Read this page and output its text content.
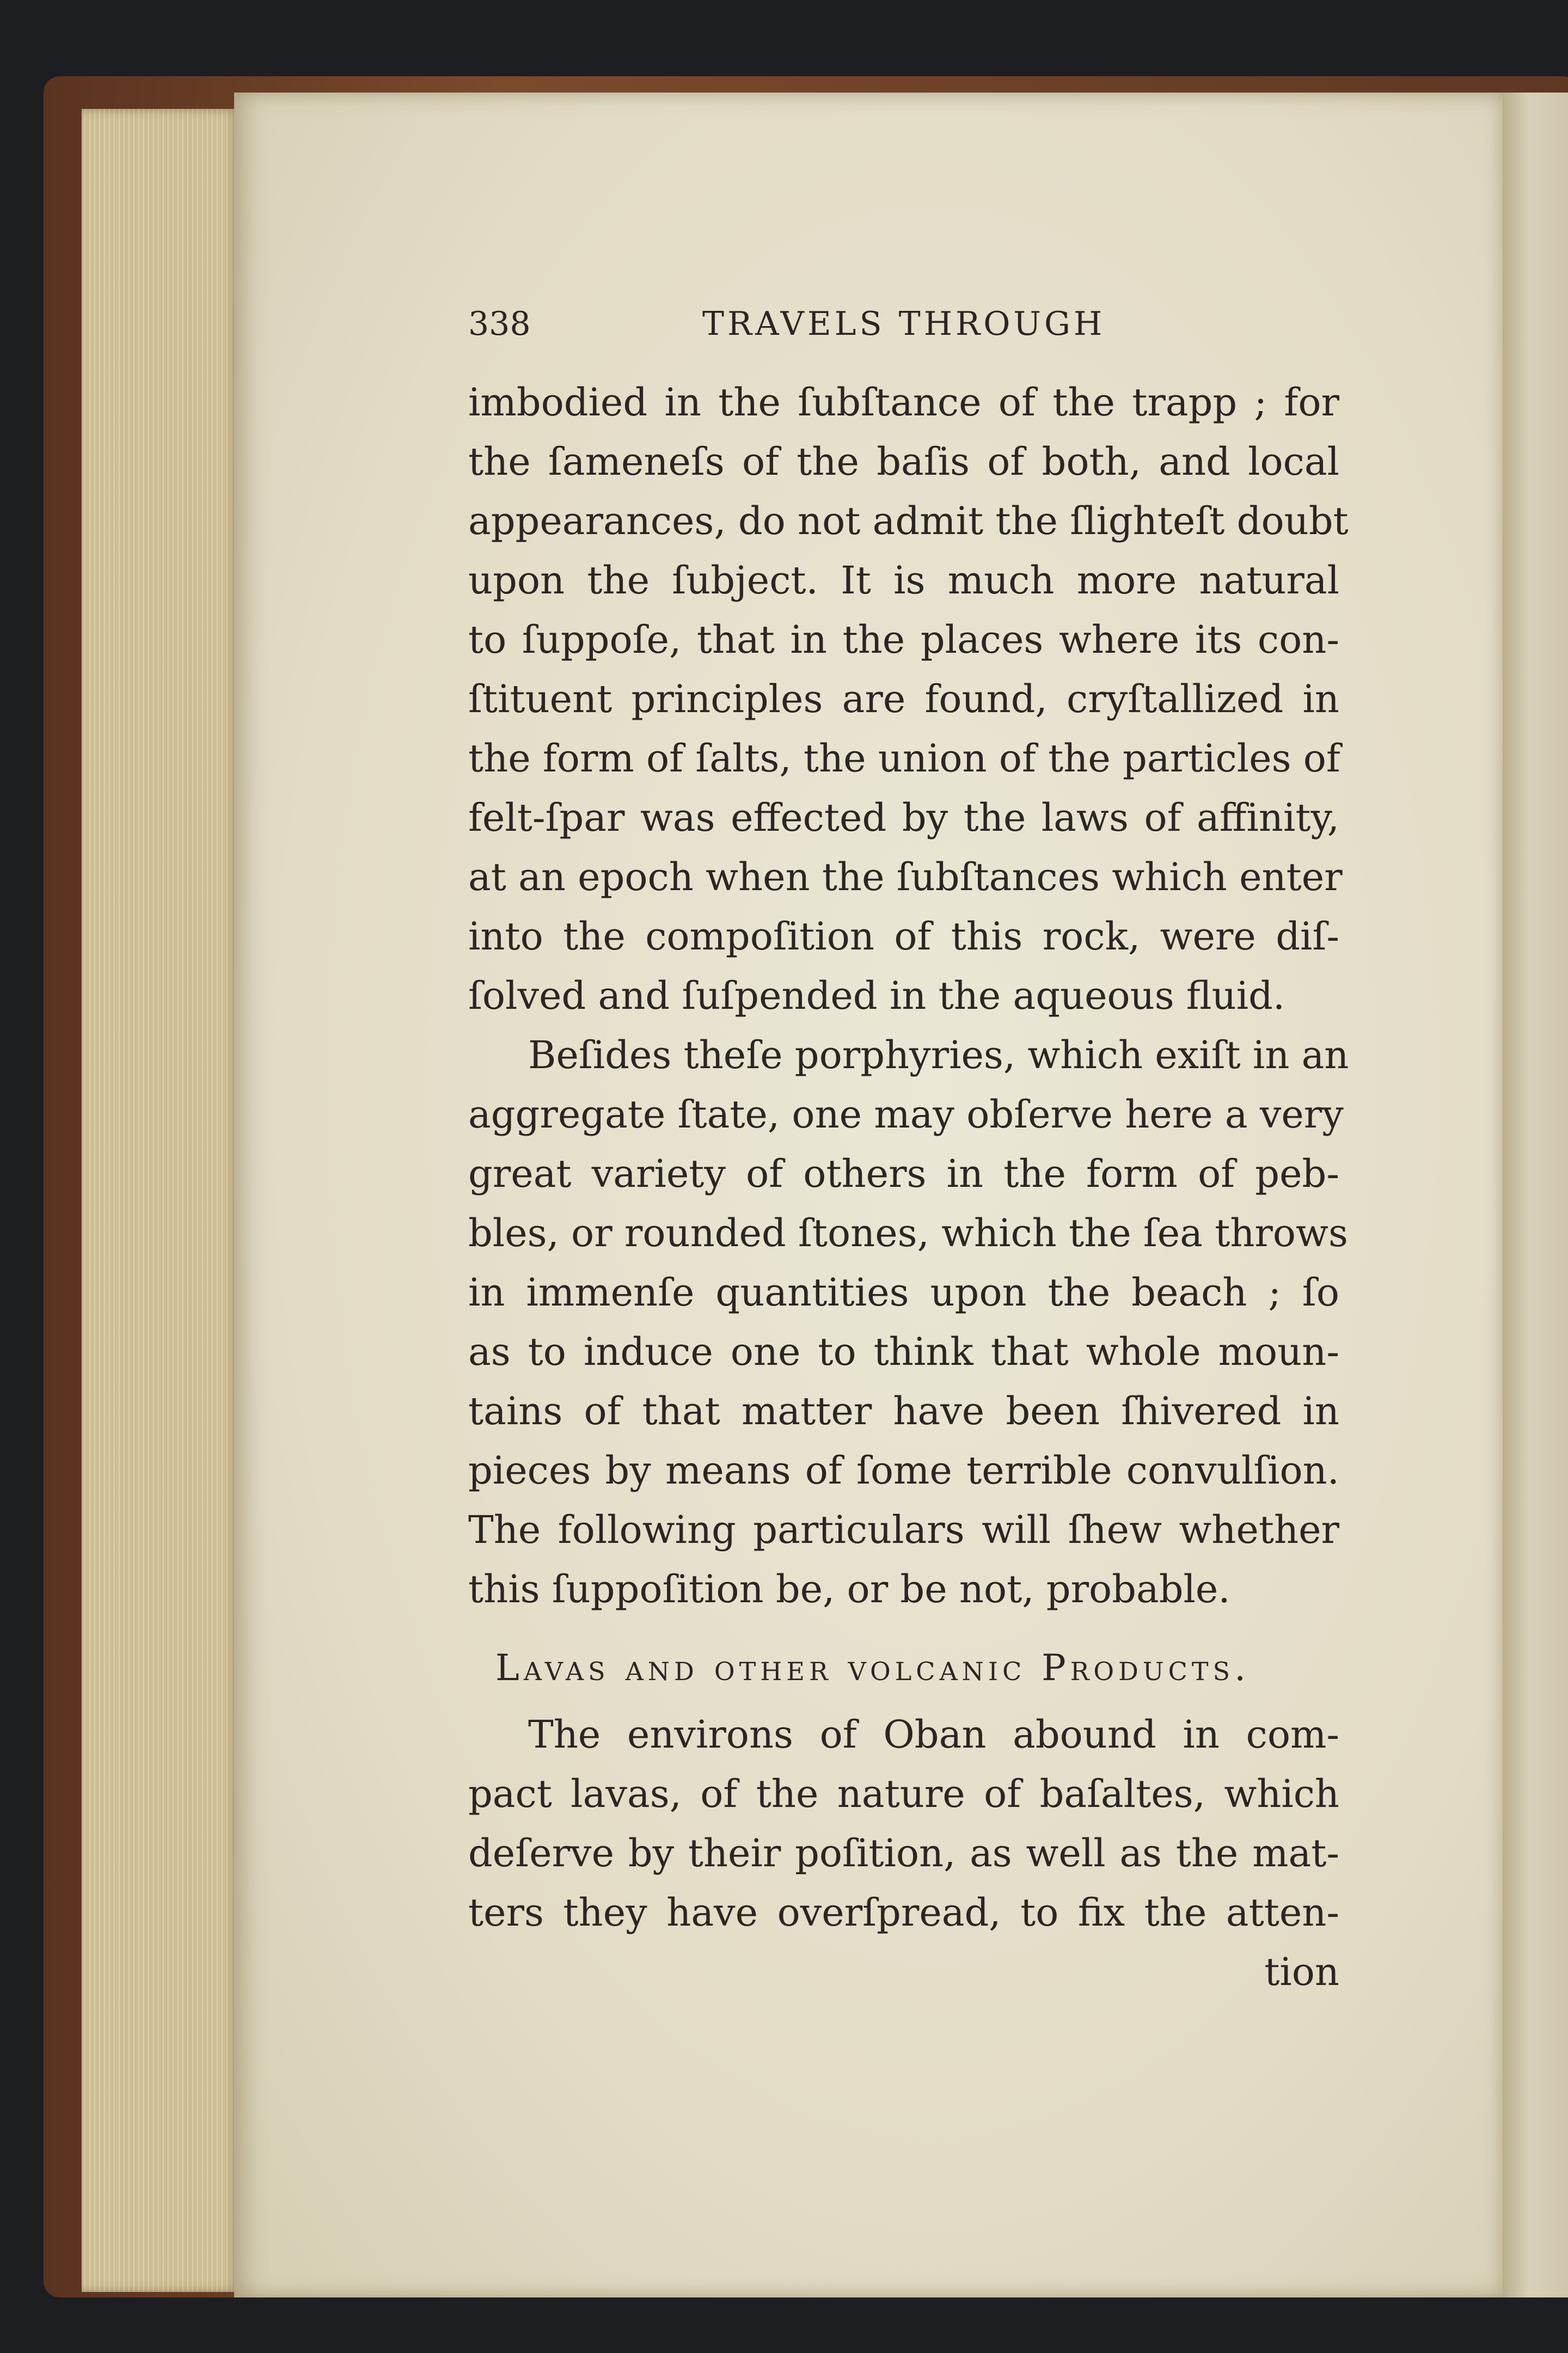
338	TRAVELS THROUGH
imbodied in the ſubſtance of the trapp ; for
the ſameneſs of the baſis of both, and local
appearances, do not admit the ſlighteſt doubt
upon the ſubject. It is much more natural
to ſuppoſe, that in the places where its con-
ſtituent principles are found, cryſtallized in
the form of ſalts, the union of the particles of
felt-ſpar was effected by the laws of affinity,
at an epoch when the ſubſtances which enter
into the compoſition of this rock, were diſ-
ſolved and ſuſpended in the aqueous fluid.
Beſides theſe porphyries, which exiſt in an
aggregate ſtate, one may obſerve here a very
great variety of others in the form of peb-
bles, or rounded ſtones, which the ſea throws
in immenſe quantities upon the beach ; ſo
as to induce one to think that whole moun-
tains of that matter have been ſhivered in
pieces by means of ſome terrible convulſion.
The following particulars will ſhew whether
this ſuppoſition be, or be not, probable.
Lavas and other volcanic Products.
The environs of Oban abound in com-
pact lavas, of the nature of baſaltes, which
deſerve by their poſition, as well as the mat-
ters they have overſpread, to fix the atten-
tion
